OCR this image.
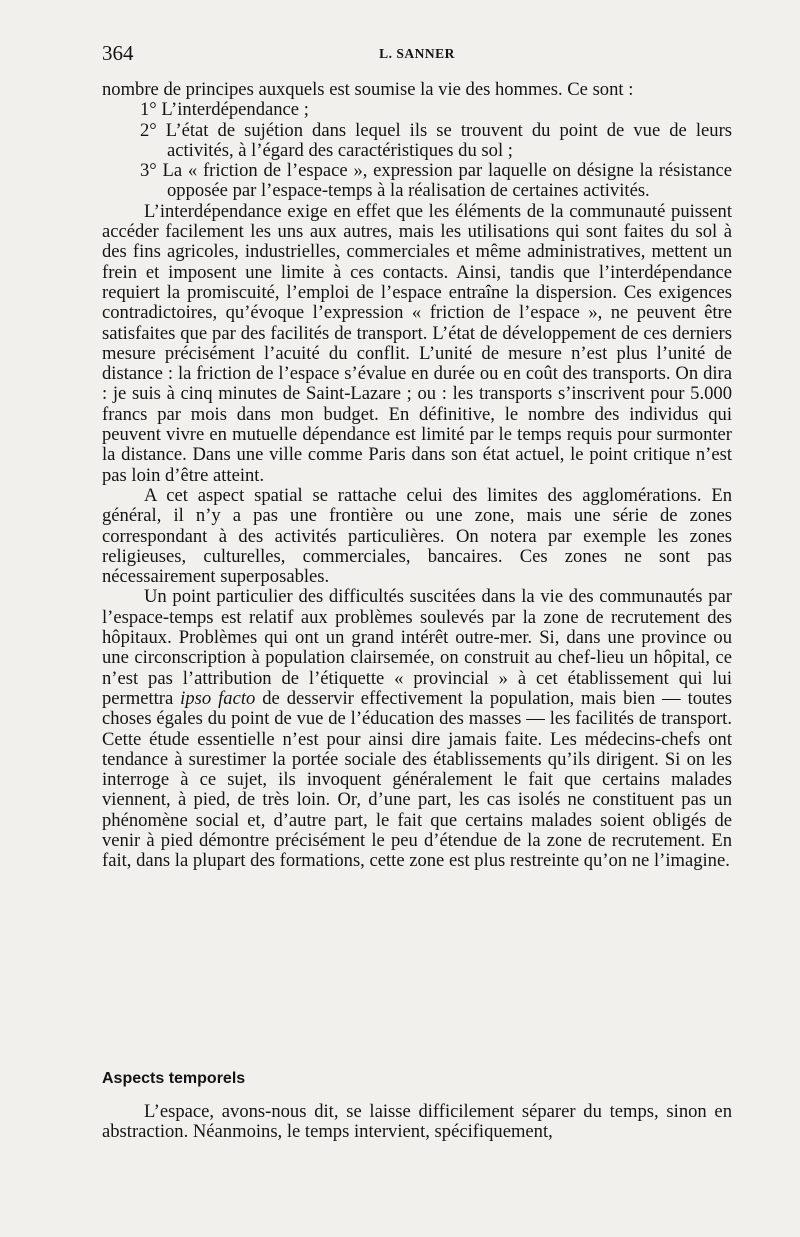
364	L. SANNER

nombre de principes auxquels est soumise la vie des hommes. Ce sont :

1° L’interdépendance ;

2° L’état de sujétion dans lequel ils se trouvent du point de vue de leurs activités, à l’égard des caractéristiques du sol ;

3° La « friction de l’espace », expression par laquelle on désigne la résistance opposée par l’espace-temps à la réalisation de certaines activités.

L’interdépendance exige en effet que les éléments de la communauté puissent accéder facilement les uns aux autres, mais les utilisations qui sont faites du sol à des fins agricoles, industrielles, commerciales et même administratives, mettent un frein et imposent une limite à ces contacts. Ainsi, tandis que l’interdépendance requiert la promiscuité, l’emploi de l’espace entraîne la dispersion. Ces exigences contradictoires, qu’évoque l’expression « friction de l’espace », ne peuvent être satisfaites que par des facilités de transport. L’état de développement de ces derniers mesure précisément l’acuité du conflit. L’unité de mesure n’est plus l’unité de distance : la friction de l’espace s’évalue en durée ou en coût des transports. On dira : je suis à cinq minutes de Saint-Lazare ; ou : les transports s’inscrivent pour 5.000 francs par mois dans mon budget. En définitive, le nombre des individus qui peuvent vivre en mutuelle dépendance est limité par le temps requis pour surmonter la distance. Dans une ville comme Paris dans son état actuel, le point critique n’est pas loin d’être atteint.

A cet aspect spatial se rattache celui des limites des agglomérations. En général, il n’y a pas une frontière ou une zone, mais une série de zones correspondant à des activités particulières. On notera par exemple les zones religieuses, culturelles, commerciales, bancaires. Ces zones ne sont pas nécessairement superposables.

Un point particulier des difficultés suscitées dans la vie des communautés par l’espace-temps est relatif aux problèmes soulevés par la zone de recrutement des hôpitaux. Problèmes qui ont un grand intérêt outre-mer. Si, dans une province ou une circonscription à population clairsemée, on construit au chef-lieu un hôpital, ce n’est pas l’attribution de l’étiquette « provincial » à cet établissement qui lui permettra ipso facto de desservir effectivement la population, mais bien — toutes choses égales du point de vue de l’éducation des masses — les facilités de transport. Cette étude essentielle n’est pour ainsi dire jamais faite. Les médecins-chefs ont tendance à surestimer la portée sociale des établissements qu’ils dirigent. Si on les interroge à ce sujet, ils invoquent généralement le fait que certains malades viennent, à pied, de très loin. Or, d’une part, les cas isolés ne constituent pas un phénomène social et, d’autre part, le fait que certains malades soient obligés de venir à pied démontre précisément le peu d’étendue de la zone de recrutement. En fait, dans la plupart des formations, cette zone est plus restreinte qu’on ne l’imagine.

Aspects temporels

L’espace, avons-nous dit, se laisse difficilement séparer du temps, sinon en abstraction. Néanmoins, le temps intervient, spécifiquement,
